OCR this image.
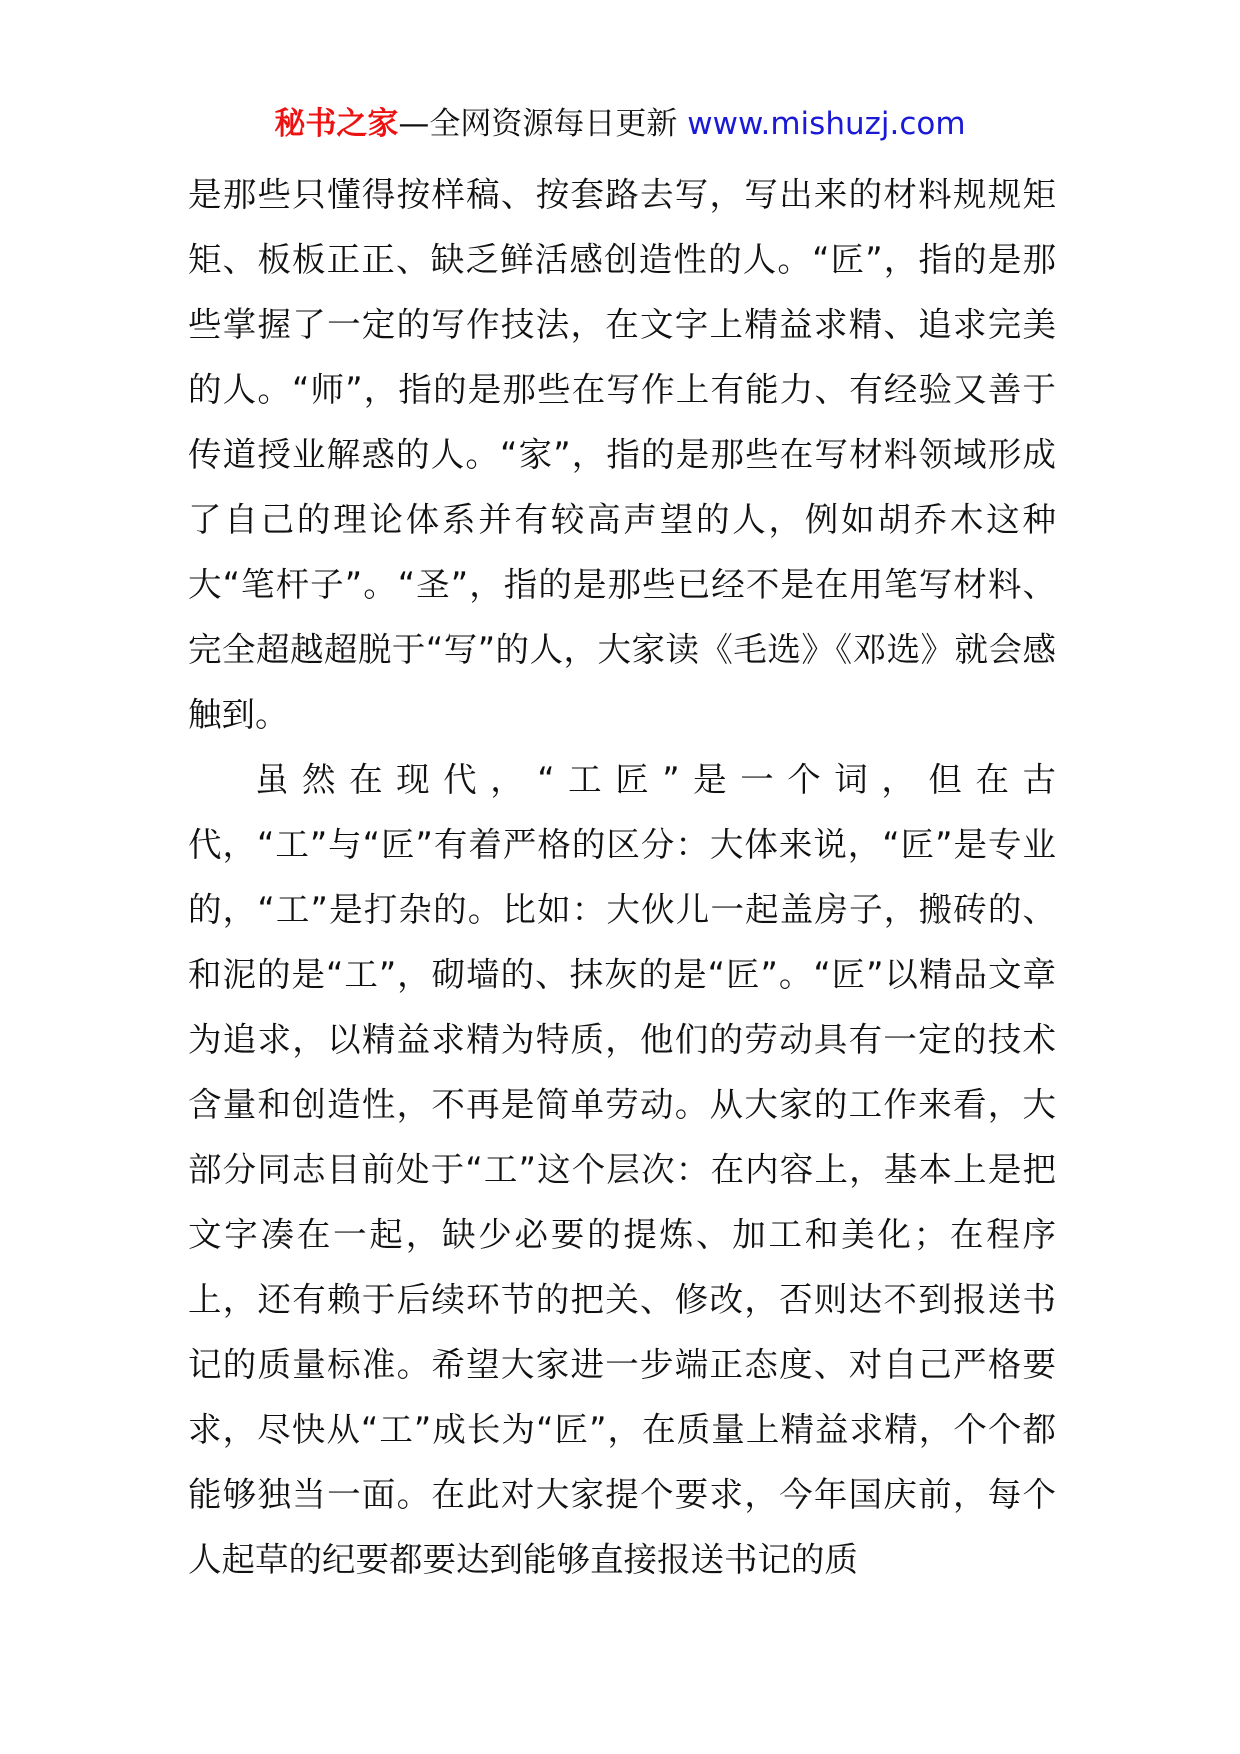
秘书之家—全网资源每日更新 www.mishuzj.com

是那些只懂得按样稿、按套路去写，写出来的材料规规矩矩、板板正正、缺乏鲜活感创造性的人。“匠”，指的是那些掌握了一定的写作技法，在文字上精益求精、追求完美的人。“师”，指的是那些在写作上有能力、有经验又善于传道授业解惑的人。“家”，指的是那些在写材料领域形成了自己的理论体系并有较高声望的人，例如胡乔木这种大“笔杆子”。“圣”，指的是那些已经不是在用笔写材料、完全超越超脱于“写”的人，大家读《毛选》《邓选》就会感触到。

虽然在现代，“工匠”是一个词，但在古代，“工”与“匠”有着严格的区分：大体来说，“匠”是专业的，“工”是打杂的。比如：大伙儿一起盖房子，搬砖的、和泥的是“工”，砌墙的、抹灰的是“匠”。“匠”以精品文章为追求，以精益求精为特质，他们的劳动具有一定的技术含量和创造性，不再是简单劳动。从大家的工作来看，大部分同志目前处于“工”这个层次：在内容上，基本上是把文字凑在一起，缺少必要的提炼、加工和美化；在程序上，还有赖于后续环节的把关、修改，否则达不到报送书记的质量标准。希望大家进一步端正态度、对自己严格要求，尽快从“工”成长为“匠”，在质量上精益求精，个个都能够独当一面。在此对大家提个要求，今年国庆前，每个人起草的纪要都要达到能够直接报送书记的质
